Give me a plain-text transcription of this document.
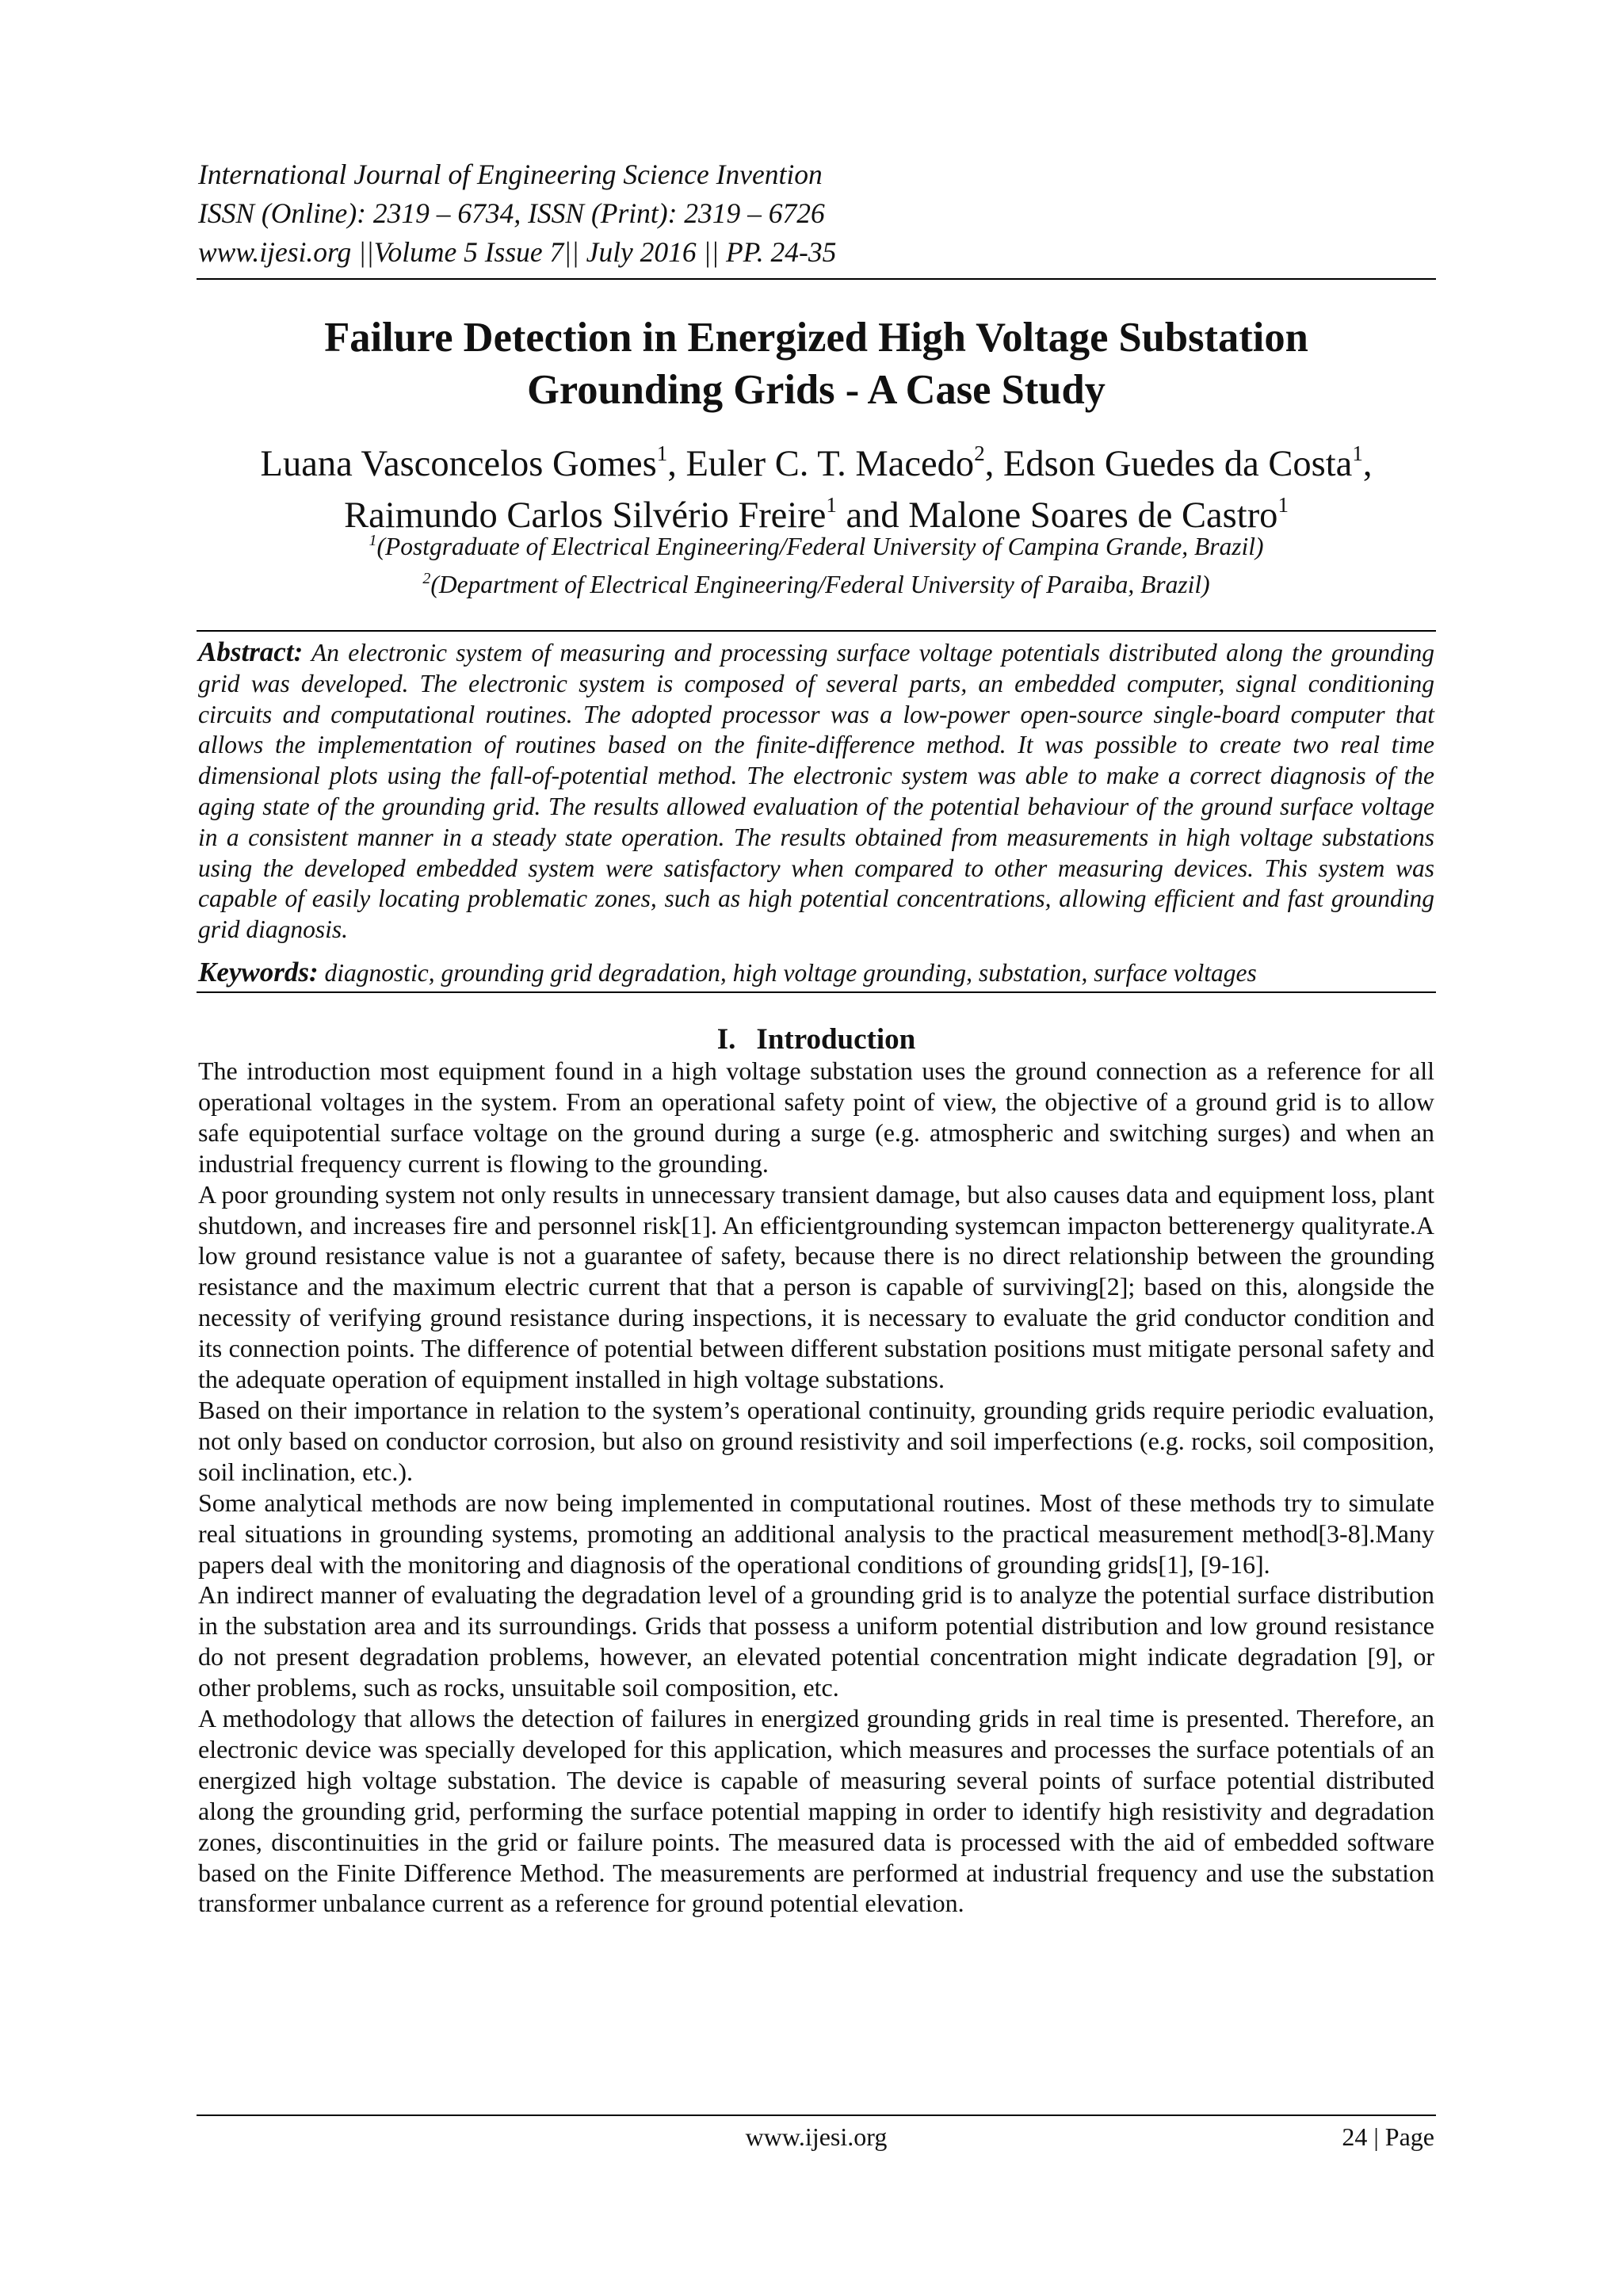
International Journal of Engineering Science Invention
ISSN (Online): 2319 – 6734, ISSN (Print): 2319 – 6726
www.ijesi.org ||Volume 5 Issue 7|| July 2016 || PP. 24-35
Failure Detection in Energized High Voltage Substation
Grounding Grids - A Case Study
Luana Vasconcelos Gomes$^1$, Euler C. T. Macedo$^2$, Edson Guedes da Costa$^1$,
Raimundo Carlos Silvério Freire$^1$ and Malone Soares de Castro$^1$
$^1$(Postgraduate of Electrical Engineering/Federal University of Campina Grande, Brazil)
$^2$(Department of Electrical Engineering/Federal University of Paraiba, Brazil)
Abstract: An electronic system of measuring and processing surface voltage potentials distributed along the grounding grid was developed. The electronic system is composed of several parts, an embedded computer, signal conditioning circuits and computational routines. The adopted processor was a low-power open-source single-board computer that allows the implementation of routines based on the finite-difference method. It was possible to create two real time dimensional plots using the fall-of-potential method. The electronic system was able to make a correct diagnosis of the aging state of the grounding grid. The results allowed evaluation of the potential behaviour of the ground surface voltage in a consistent manner in a steady state operation. The results obtained from measurements in high voltage substations using the developed embedded system were satisfactory when compared to other measuring devices. This system was capable of easily locating problematic zones, such as high potential concentrations, allowing efficient and fast grounding grid diagnosis.
Keywords: diagnostic, grounding grid degradation, high voltage grounding, substation, surface voltages
I. Introduction

The introduction most equipment found in a high voltage substation uses the ground connection as a reference for all operational voltages in the system. From an operational safety point of view, the objective of a ground grid is to allow safe equipotential surface voltage on the ground during a surge (e.g. atmospheric and switching surges) and when an industrial frequency current is flowing to the grounding.

A poor grounding system not only results in unnecessary transient damage, but also causes data and equipment loss, plant shutdown, and increases fire and personnel risk[1]. An efficientgrounding systemcan impacton betterenergy qualityrate.A low ground resistance value is not a guarantee of safety, because there is no direct relationship between the grounding resistance and the maximum electric current that that a person is capable of surviving[2]; based on this, alongside the necessity of verifying ground resistance during inspections, it is necessary to evaluate the grid conductor condition and its connection points. The difference of potential between different substation positions must mitigate personal safety and the adequate operation of equipment installed in high voltage substations.

Based on their importance in relation to the system’s operational continuity, grounding grids require periodic evaluation, not only based on conductor corrosion, but also on ground resistivity and soil imperfections (e.g. rocks, soil composition, soil inclination, etc.).

Some analytical methods are now being implemented in computational routines. Most of these methods try to simulate real situations in grounding systems, promoting an additional analysis to the practical measurement method[3-8].Many papers deal with the monitoring and diagnosis of the operational conditions of grounding grids[1], [9-16].

An indirect manner of evaluating the degradation level of a grounding grid is to analyze the potential surface distribution in the substation area and its surroundings. Grids that possess a uniform potential distribution and low ground resistance do not present degradation problems, however, an elevated potential concentration might indicate degradation [9], or other problems, such as rocks, unsuitable soil composition, etc.

A methodology that allows the detection of failures in energized grounding grids in real time is presented. Therefore, an electronic device was specially developed for this application, which measures and processes the surface potentials of an energized high voltage substation. The device is capable of measuring several points of surface potential distributed along the grounding grid, performing the surface potential mapping in order to identify high resistivity and degradation zones, discontinuities in the grid or failure points. The measured data is processed with the aid of embedded software based on the Finite Difference Method. The measurements are performed at industrial frequency and use the substation transformer unbalance current as a reference for ground potential elevation.

www.ijesi.org	24 | Page
